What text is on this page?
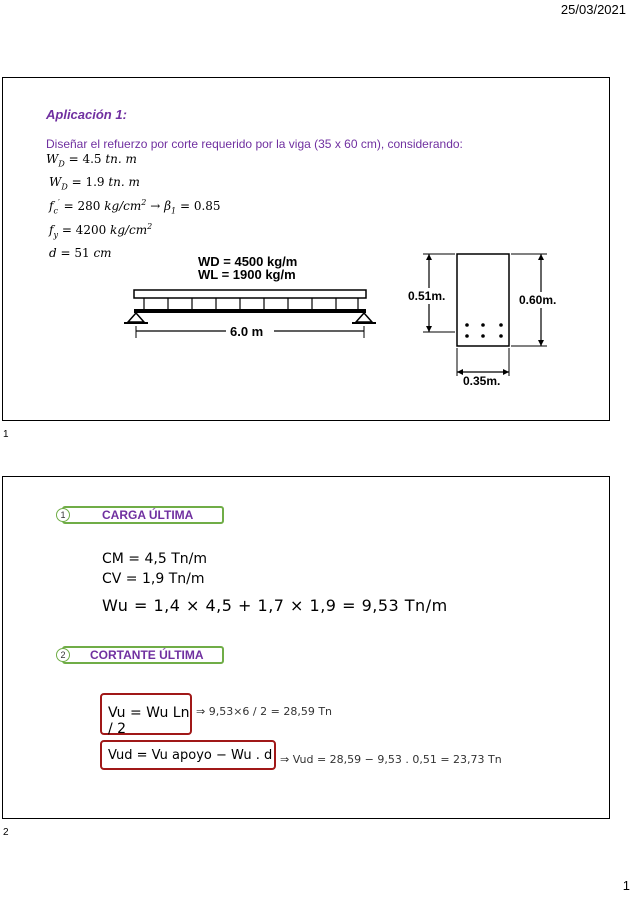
25/03/2021
Aplicación 1:
Diseñar el refuerzo por corte requerido por la viga (35 x 60 cm), considerando:
$W_D = 4.5$ tn. m
$W_D = 1.9$ tn. m
$f_c' = 280$ $kg/cm^2 \to \beta_1 = 0.85$
$f_y = 4200$ $kg/cm^2$
d = 51 cm
WD = 4500 kg/m
WL = 1900 kg/m
6.0 m
0.51m.	0.60m.
0.35m.
1
CARGA ÚLTIMA
1
CM = 4,5 Tn/m
CV = 1,9 Tn/m
Wu = 1,4 × 4,5 + 1,7 × 1,9 = 9,53 Tn/m
CORTANTE ÚLTIMA
2
Vu = Wu Ln / 2
⇒ 9,53×6 / 2 = 28,59 Tn
Vud = Vu apoyo − Wu . d ⇒ Vud = 28,59 − 9,53 . 0,51 = 23,73 Tn
2
1
